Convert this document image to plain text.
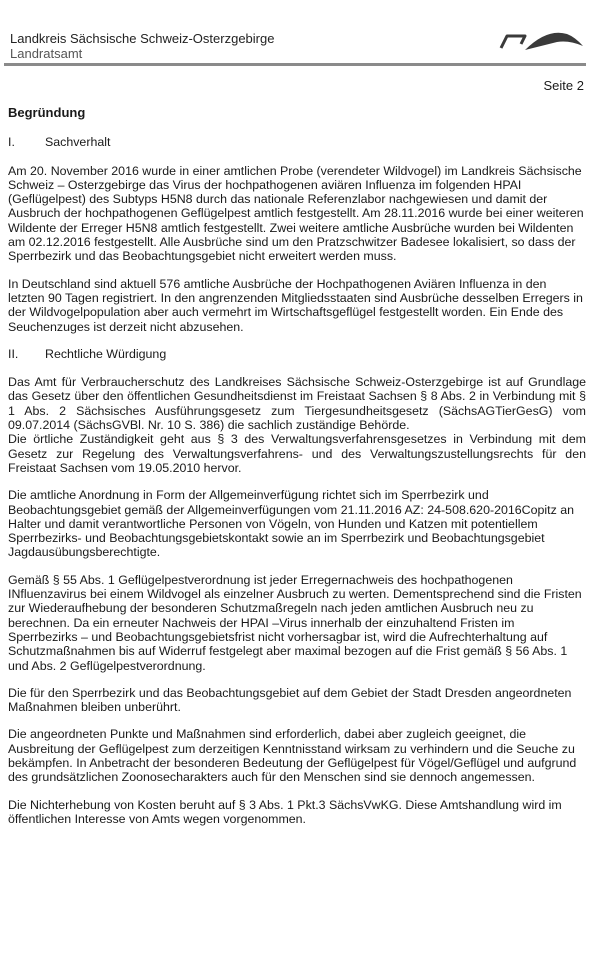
Landkreis Sächsische Schweiz-Osterzgebirge
Landratsamt
Seite 2
Begründung
I. Sachverhalt

Am 20. November 2016 wurde in einer amtlichen Probe (verendeter Wildvogel) im Landkreis Sächsische Schweiz – Osterzgebirge das Virus der hochpathogenen aviären Influenza im folgenden HPAI (Geflügelpest) des Subtyps H5N8 durch das nationale Referenzlabor nachgewiesen und damit der Ausbruch der hochpathogenen Geflügelpest amtlich festgestellt. Am 28.11.2016 wurde bei einer weiteren Wildente der Erreger H5N8 amtlich festgestellt. Zwei weitere amtliche Ausbrüche wurden bei Wildenten am 02.12.2016 festgestellt. Alle Ausbrüche sind um den Pratzschwitzer Badesee lokalisiert, so dass der Sperrbezirk und das Beobachtungsgebiet nicht erweitert werden muss.

In Deutschland sind aktuell 576 amtliche Ausbrüche der Hochpathogenen Aviären Influenza in den letzten 90 Tagen registriert. In den angrenzenden Mitgliedsstaaten sind Ausbrüche desselben Erregers in der Wildvogelpopulation aber auch vermehrt im Wirtschaftsgeflügel festgestellt worden. Ein Ende des Seuchenzuges ist derzeit nicht abzusehen.

II. Rechtliche Würdigung

Das Amt für Verbraucherschutz des Landkreises Sächsische Schweiz-Osterzgebirge ist auf Grundlage das Gesetz über den öffentlichen Gesundheitsdienst im Freistaat Sachsen § 8 Abs. 2 in Verbindung mit § 1 Abs. 2 Sächsisches Ausführungsgesetz zum Tiergesundheitsgesetz (SächsAGTierGesG) vom 09.07.2014 (SächsGVBl. Nr. 10 S. 386) die sachlich zuständige Behörde.

Die örtliche Zuständigkeit geht aus § 3 des Verwaltungsverfahrensgesetzes in Verbindung mit dem Gesetz zur Regelung des Verwaltungsverfahrens- und des Verwaltungszustellungsrechts für den Freistaat Sachsen vom 19.05.2010 hervor.

Die amtliche Anordnung in Form der Allgemeinverfügung richtet sich im Sperrbezirk und Beobachtungsgebiet gemäß der Allgemeinverfügungen vom 21.11.2016 AZ: 24-508.620-2016Copitz an Halter und damit verantwortliche Personen von Vögeln, von Hunden und Katzen mit potentiellem Sperrbezirks- und Beobachtungsgebietskontakt sowie an im Sperrbezirk und Beobachtungsgebiet Jagdausübungsberechtigte.

Gemäß § 55 Abs. 1 Geflügelpestverordnung ist jeder Erregernachweis des hochpathogenen INfluenzavirus bei einem Wildvogel als einzelner Ausbruch zu werten. Dementsprechend sind die Fristen zur Wiederaufhebung der besonderen Schutzmaßregeln nach jeden amtlichen Ausbruch neu zu berechnen. Da ein erneuter Nachweis der HPAI –Virus innerhalb der einzuhaltend Fristen im Sperrbezirks – und Beobachtungsgebietsfrist nicht vorhersagbar ist, wird die Aufrechterhaltung auf Schutzmaßnahmen bis auf Widerruf festgelegt aber maximal bezogen auf die Frist gemäß § 56 Abs. 1 und Abs. 2 Geflügelpestverordnung.

Die für den Sperrbezirk und das Beobachtungsgebiet auf dem Gebiet der Stadt Dresden angeordneten Maßnahmen bleiben unberührt.

Die angeordneten Punkte und Maßnahmen sind erforderlich, dabei aber zugleich geeignet, die Ausbreitung der Geflügelpest zum derzeitigen Kenntnisstand wirksam zu verhindern und die Seuche zu bekämpfen. In Anbetracht der besonderen Bedeutung der Geflügelpest für Vögel/Geflügel und aufgrund des grundsätzlichen Zoonosecharakters auch für den Menschen sind sie dennoch angemessen.

Die Nichterhebung von Kosten beruht auf § 3 Abs. 1 Pkt.3 SächsVwKG. Diese Amtshandlung wird im öffentlichen Interesse von Amts wegen vorgenommen.
